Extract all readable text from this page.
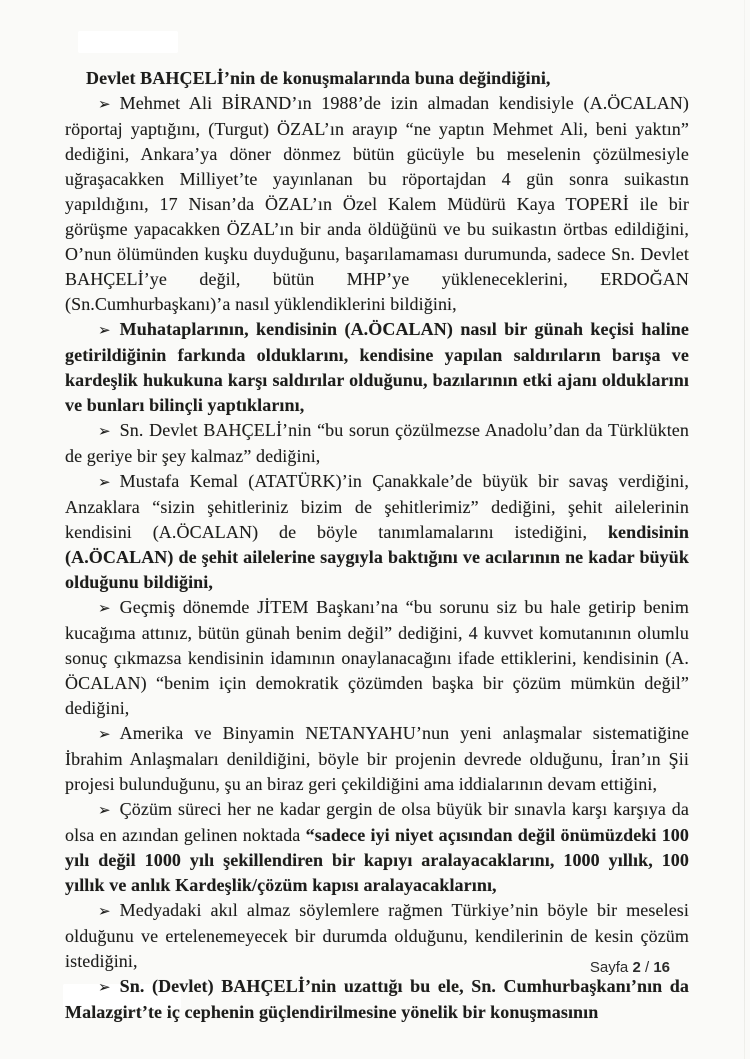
Devlet BAHÇELİ’nin de konuşmalarında buna değindiğini,

➢ Mehmet Ali BİRAND’ın 1988’de izin almadan kendisiyle (A.ÖCALAN) röportaj yaptığını, (Turgut) ÖZAL’ın arayıp “ne yaptın Mehmet Ali, beni yaktın” dediğini, Ankara’ya döner dönmez bütün gücüyle bu meselenin çözülmesiyle uğraşacakken Milliyet’te yayınlanan bu röportajdan 4 gün sonra suikastın yapıldığını, 17 Nisan’da ÖZAL’ın Özel Kalem Müdürü Kaya TOPERİ ile bir görüşme yapacakken ÖZAL’ın bir anda öldüğünü ve bu suikastın örtbas edildiğini, O’nun ölümünden kuşku duyduğunu, başarılamaması durumunda, sadece Sn. Devlet BAHÇELİ’ye değil, bütün MHP’ye yükleneceklerini, ERDOĞAN (Sn.Cumhurbaşkanı)’a nasıl yüklendiklerini bildiğini,

➢ Muhataplarının, kendisinin (A.ÖCALAN) nasıl bir günah keçisi haline getirildiğinin farkında olduklarını, kendisine yapılan saldırıların barışa ve kardeşlik hukukuna karşı saldırılar olduğunu, bazılarının etki ajanı olduklarını ve bunları bilinçli yaptıklarını,

➢ Sn. Devlet BAHÇELİ’nin “bu sorun çözülmezse Anadolu’dan da Türklükten de geriye bir şey kalmaz” dediğini,

➢ Mustafa Kemal (ATATÜRK)’in Çanakkale’de büyük bir savaş verdiğini, Anzaklara “sizin şehitleriniz bizim de şehitlerimiz” dediğini, şehit ailelerinin kendisini (A.ÖCALAN) de böyle tanımlamalarını istediğini, kendisinin (A.ÖCALAN) de şehit ailelerine saygıyla baktığını ve acılarının ne kadar büyük olduğunu bildiğini,

➢ Geçmiş dönemde JİTEM Başkanı’na “bu sorunu siz bu hale getirip benim kucağıma attınız, bütün günah benim değil” dediğini, 4 kuvvet komutanının olumlu sonuç çıkmazsa kendisinin idamının onaylanacağını ifade ettiklerini, kendisinin (A. ÖCALAN) “benim için demokratik çözümden başka bir çözüm mümkün değil” dediğini,

➢ Amerika ve Binyamin NETANYAHU’nun yeni anlaşmalar sistematiğine İbrahim Anlaşmaları denildiğini, böyle bir projenin devrede olduğunu, İran’ın Şii projesi bulunduğunu, şu an biraz geri çekildiğini ama iddialarının devam ettiğini,

➢ Çözüm süreci her ne kadar gergin de olsa büyük bir sınavla karşı karşıya da olsa en azından gelinen noktada “sadece iyi niyet açısından değil önümüzdeki 100 yılı değil 1000 yılı şekillendiren bir kapıyı aralayacaklarını, 1000 yıllık, 100 yıllık ve anlık Kardeşlik/çözüm kapısı aralayacaklarını,

➢ Medyadaki akıl almaz söylemlere rağmen Türkiye’nin böyle bir meselesi olduğunu ve ertelenemeyecek bir durumda olduğunu, kendilerinin de kesin çözüm istediğini,

➢ Sn. (Devlet) BAHÇELİ’nin uzattığı bu ele, Sn. Cumhurbaşkanı’nın da Malazgirt’te iç cephenin güçlendirilmesine yönelik bir konuşmasının

Sayfa 2 / 16
